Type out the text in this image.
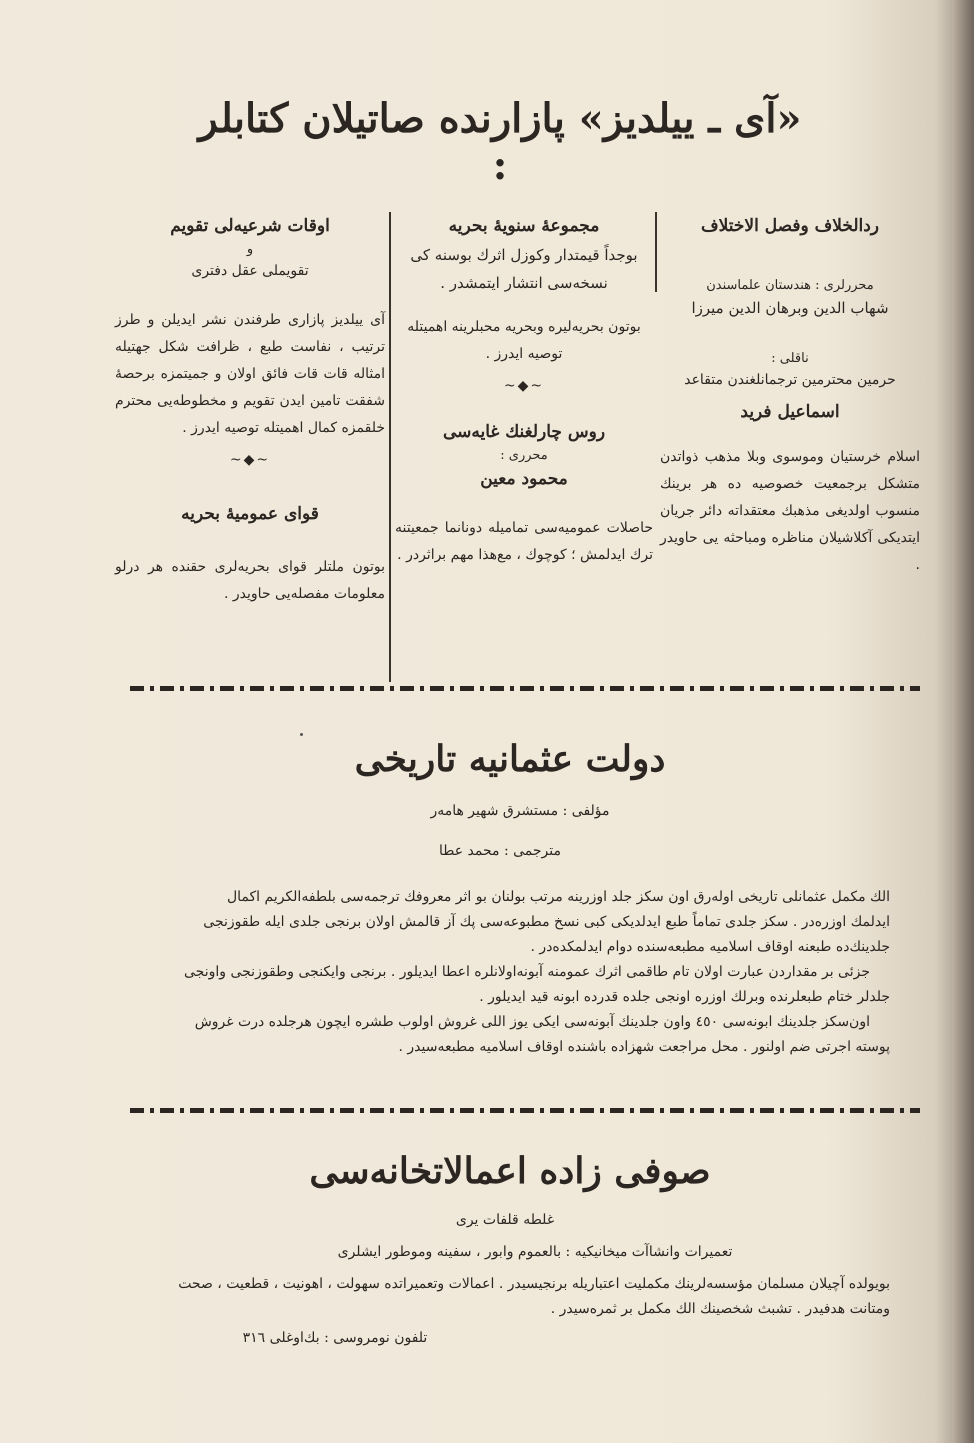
«آی ـ ییلدیز» پازارنده صاتیلان کتابلر :
ردالخلاف وفصل الاختلاف
محررلری : هندستان علماسندن
شهاب الدین وبرهان الدین میرزا
ناقلی :
حرمین محترمین ترجمانلغندن متقاعد
اسماعیل فرید
اسلام خرستیان وموسوی وبلا مذهب ذواتدن متشکل برجمعیت خصوصیه ده هر برینك منسوب اولدیغی مذهبك معتقداته دائر جریان ایتدیکی آکلاشیلان مناظره ومباحثه یی حاویدر .
مجموعهٔ سنویهٔ بحریه
بوجداً قیمتدار وکوزل اثرك بوسنه کی
نسخه‌سی انتشار ایتمشدر .
بوتون بحریه‌لیره وبحریه محبلرینه اهمیتله توصیه ایدرز .
~◆~
روس چارلغنك غایه‌سی
محرری :
محمود معین
حاصلات عمومیه‌سی تماميله دونانما جمعیتنه ترك ایدلمش ؛ کوچوك ، مع‌هذا مهم براثردر .
اوقات شرعیه‌لی تقویم
و
تقویملی عقل دفتری
آی ییلدیز پازاری طرفندن نشر ایدیلن و طرز ترتیب ، نفاست طبع ، ظرافت شکل جهتیله امثاله قات قات فائق اولان و جمیتمزه برحصهٔ شفقت تامین ایدن تقویم و مخطوطه‌یی محترم خلقمزه کمال اهمیتله توصیه ایدرز .
~◆~
قوای عمومیهٔ بحریه
بوتون ملتلر قوای بحریه‌لری حقنده هر درلو معلومات مفصله‌یی حاویدر .
دولت عثمانیه تاریخی
مؤلفی : مستشرق شهیر هامه‌ر
مترجمی : محمد عطا

الك مکمل عثمانلی تاریخی اولەرق اون سکز جلد اوزرینه مرتب بولنان بو اثر معروفك ترجمه‌سی بلطفه‌الکریم اکمال

ایدلمك اوزره‌در . سکز جلدی تماماً طبع ایدلدیکی کبی نسخ مطبوعه‌سی پك آز قالمش اولان برنجی جلدی ایله طقوزنجی

جلدینك‌ده طبعنه اوقاف اسلامیه مطبعه‌سنده دوام ایدلمکده‌در .

جزئی بر مقداردن عبارت اولان تام طاقمی اثرك عمومنه آبونه‌اولانلره اعطا ایدیلور . برنجی وایکنجی وطقوزنجی واونجی

جلدلر ختام طبعلرنده وبرلك اوزره اونجی جلده قدرده ابونه قید ایدیلور .

اون‌سکز جلدینك ابونه‌سی ٤٥٠ واون جلدینك آبونه‌سی ایکی یوز اللی غروش اولوب طشره ایچون هرجلده درت غروش

پوسته اجرتی ضم اولنور . محل مراجعت شهزاده باشنده اوقاف اسلامیه مطبعه‌سیدر .

صوفی زاده اعمالاتخانه‌سی
غلطه قلفات یری
تعمیرات وانشاآت میخانیکیه : بالعموم وابور ، سفینه وموطور ایشلری

بویولده آچیلان مسلمان مؤسسه‌لرینك مکملیت اعتباریله برنجیسیدر . اعمالات وتعمیراتده سهولت ، اهونیت ، قطعیت ، صحت

ومتانت هدفیدر . تشبث شخصینك الك مکمل بر ثمره‌سیدر .

تلفون نومروسی : بك‌اوغلی ٣١٦
